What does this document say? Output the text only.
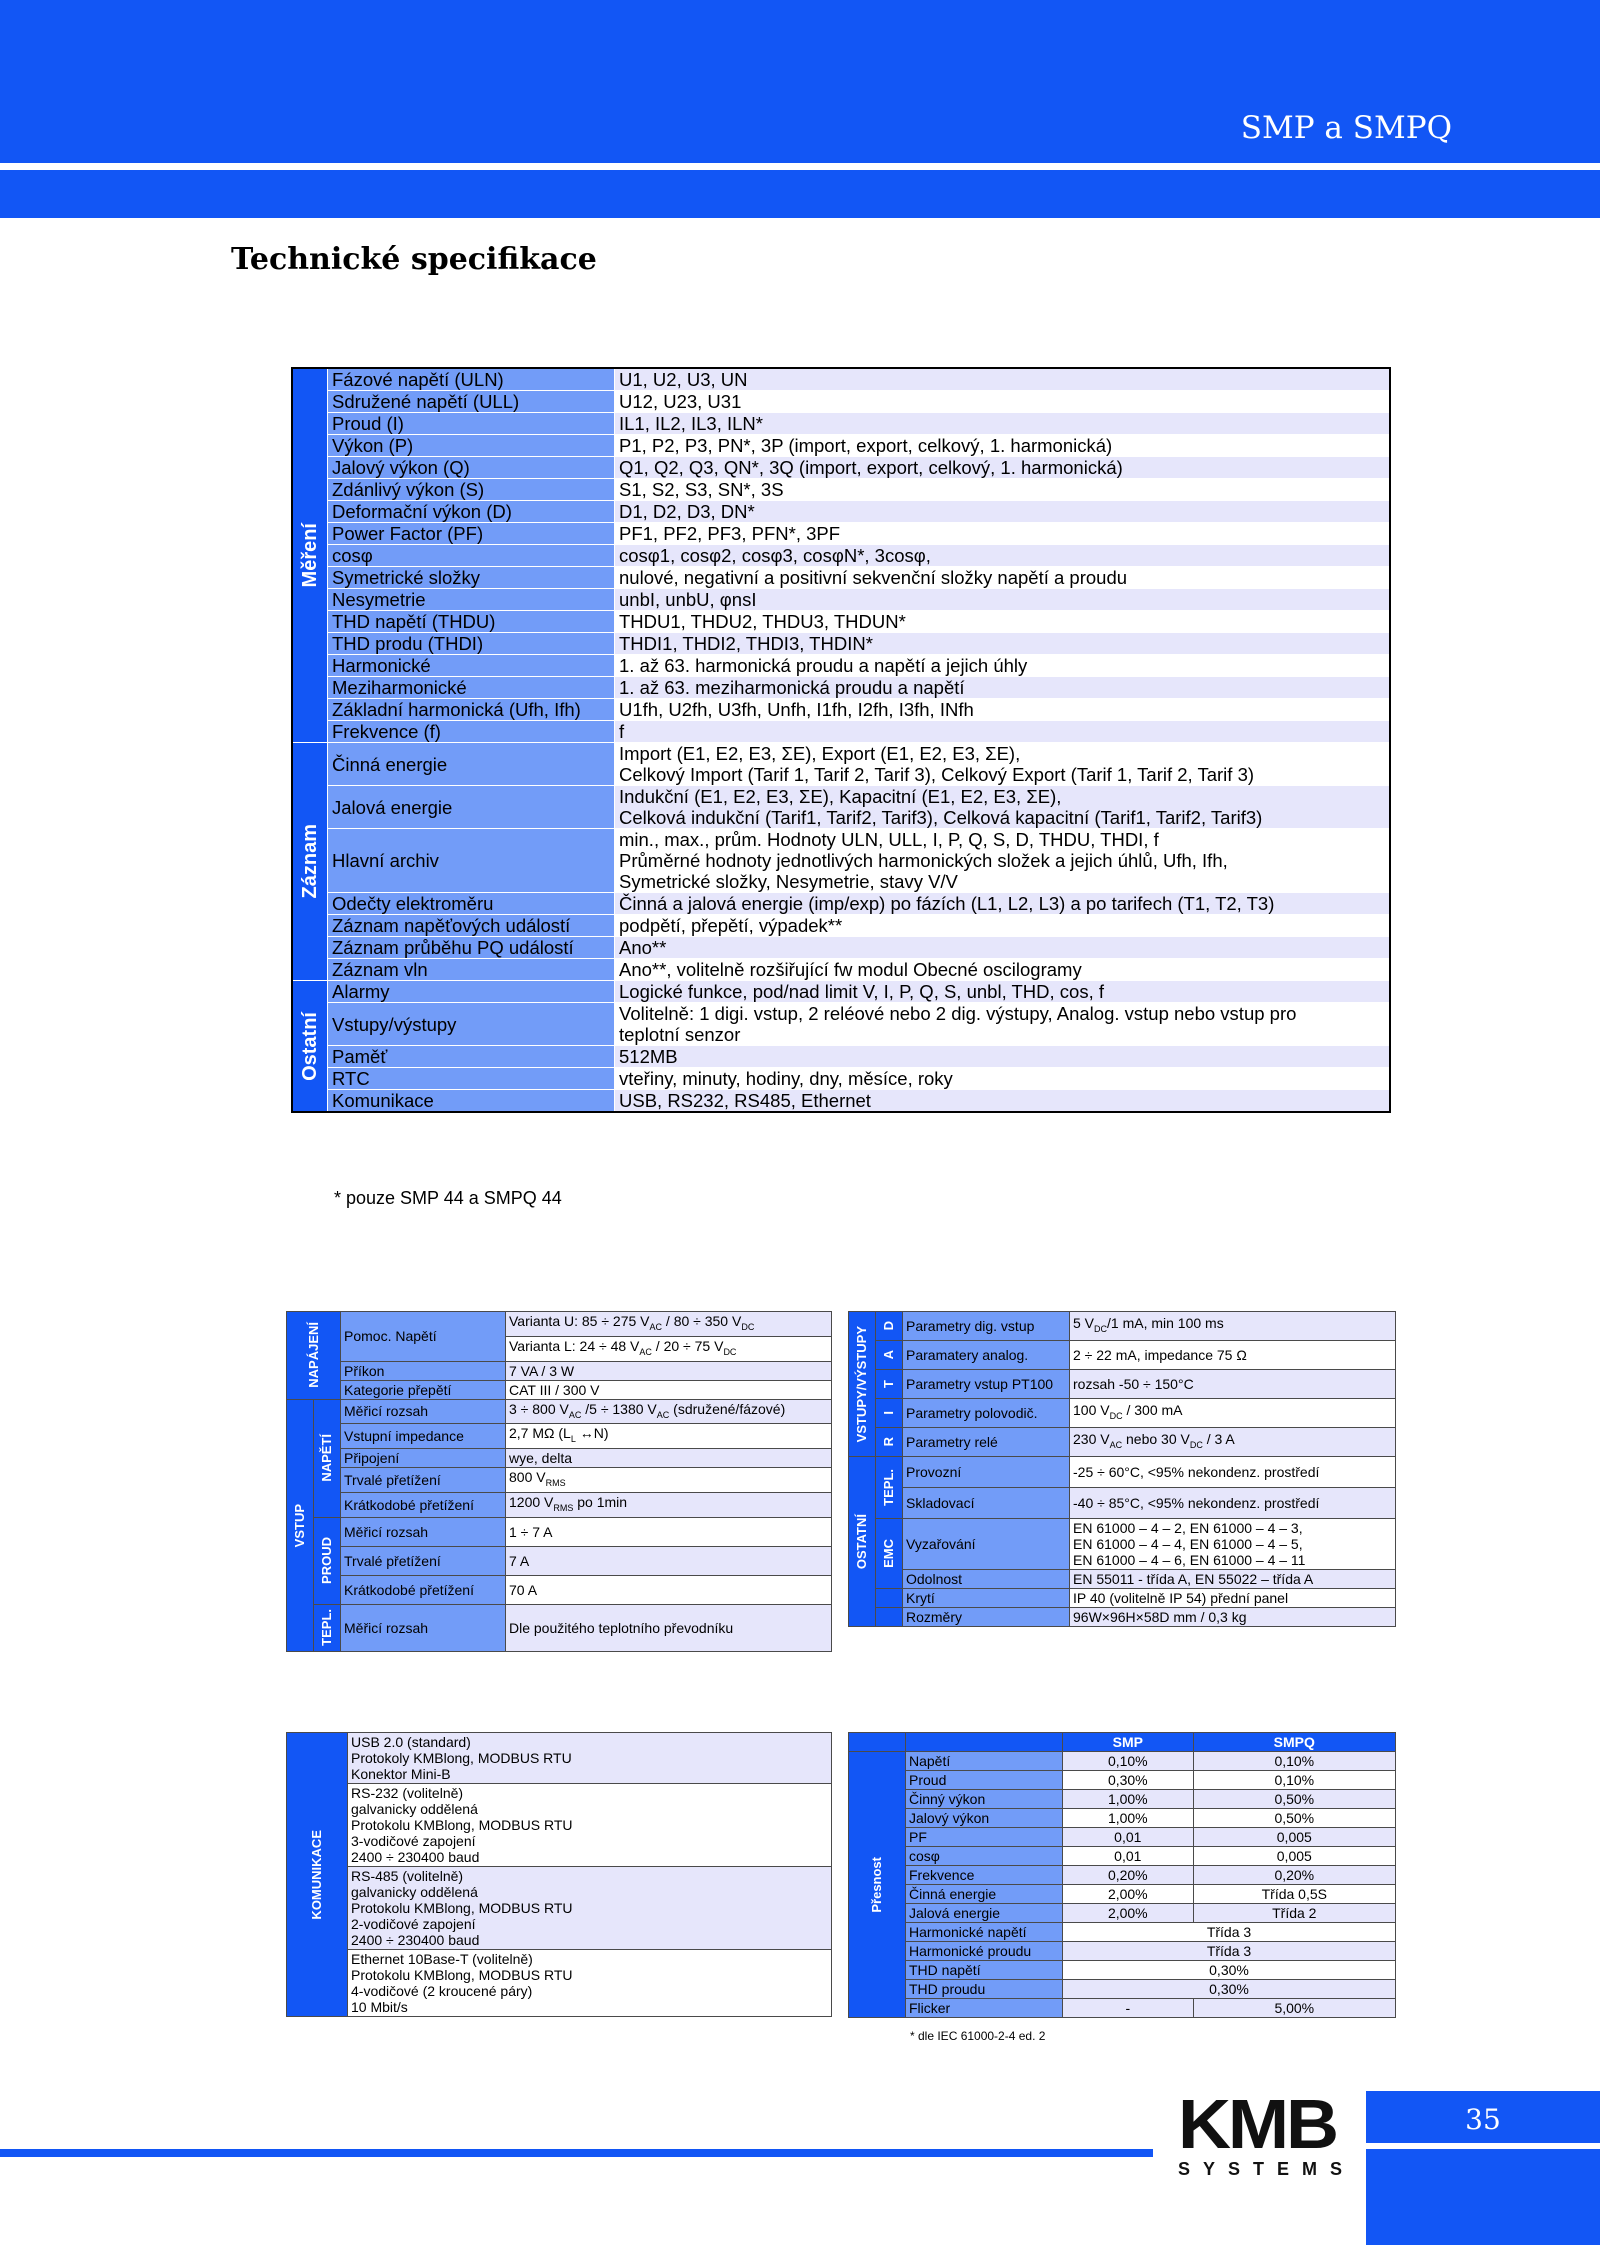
SMP a SMPQ
Technické specifikace
Měření	Fázové napětí (ULN)	U1, U2, U3, UN
	Sdružené napětí (ULL)	U12, U23, U31
	Proud (I)	IL1, IL2, IL3, ILN*
	Výkon (P)	P1, P2, P3, PN*, 3P (import, export, celkový, 1. harmonická)
	Jalový výkon (Q)	Q1, Q2, Q3, QN*, 3Q (import, export, celkový, 1. harmonická)
	Zdánlivý výkon (S)	S1, S2, S3, SN*, 3S
	Deformační výkon (D)	D1, D2, D3, DN*
	Power Factor (PF)	PF1, PF2, PF3, PFN*, 3PF
	cosφ	cosφ1, cosφ2, cosφ3, cosφN*, 3cosφ,
	Symetrické složky	nulové, negativní a positivní sekvenční složky napětí a proudu
	Nesymetrie	unbI, unbU, φnsI
	THD napětí (THDU)	THDU1, THDU2, THDU3, THDUN*
	THD produ (THDI)	THDI1, THDI2, THDI3, THDIN*
	Harmonické	1. až 63. harmonická proudu a napětí a jejich úhly
	Meziharmonické	1. až 63. meziharmonická proudu a napětí
	Základní harmonická (Ufh, Ifh)	U1fh, U2fh, U3fh, Unfh, I1fh, I2fh, I3fh, INfh
	Frekvence (f)	f

Záznam	Činná energie	Import (E1, E2, E3, ΣE), Export (E1, E2, E3, ΣE),
Celkový Import (Tarif 1, Tarif 2, Tarif 3), Celkový Export (Tarif 1, Tarif 2, Tarif 3)

	Jalová energie	Indukční (E1, E2, E3, ΣE), Kapacitní (E1, E2, E3, ΣE),
Celková indukční (Tarif1, Tarif2, Tarif3), Celková kapacitní (Tarif1, Tarif2, Tarif3)

	Hlavní archiv	min., max., prům. Hodnoty ULN, ULL, I, P, Q, S, D, THDU, THDI, f
Průměrné hodnoty jednotlivých harmonických složek a jejich úhlů, Ufh, Ifh,
Symetrické složky, Nesymetrie, stavy V/V

	Odečty elektroměru	Činná a jalová energie (imp/exp) po fázích (L1, L2, L3) a po tarifech (T1, T2, T3)
	Záznam napěťových událostí	podpětí, přepětí, výpadek**
	Záznam průběhu PQ událostí	Ano**
	Záznam vln	Ano**, volitelně rozšiřující fw modul Obecné oscilogramy

Ostatní	Alarmy	Logické funkce, pod/nad limit V, I, P, Q, S, unbl, THD, cos, f
	Vstupy/výstupy	Volitelně: 1 digi. vstup, 2 reléové nebo 2 dig. výstupy, Analog. vstup nebo vstup pro
teplotní senzor

	Paměť	512MB
	RTC	vteřiny, minuty, hodiny, dny, měsíce, roky
	Komunikace	USB, RS232, RS485, Ethernet
* pouze SMP 44 a SMPQ 44
NAPÁJENÍ		Pomoc. Napětí	Varianta U: 85 ÷ 275 $V_{AC} / 80 \div 350$ $V_{DC}$
			Varianta L: 24 ÷ 48 $V_{AC} / 20 \div 75$ $V_{DC}$
		Příkon	7 VA / 3 W
		Kategorie přepětí	CAT III / 300 V

VSTUP	NAPĚTÍ	Měřicí rozsah	3 ÷ 800 $V_{AC}$ /5 ÷ 1380 $V_{AC}$ (sdružené/fázové)
		Vstupní impedance	2,7 MΩ ($L_L$ ↔N)
		Připojení	wye, delta
		Trvalé přetížení	800 $V_{RMS}$
		Krátkodobé přetížení	1200 $V_{RMS}$ po 1min

	PROUD	Měřicí rozsah	1 ÷ 7 A
		Trvalé přetížení	7 A
		Krátkodobé přetížení	70 A

	TEPL.	Měřicí rozsah	Dle použitého teplotního převodníku
VSTUPY/VÝSTUPY	D	Parametry dig. vstup	5 $V_{DC}/1$ mA, min 100 ms

	A	Paramatery analog.	2 ÷ 22 mA, impedance 75 Ω

	T	Parametry vstup PT100	rozsah -50 ÷ 150°C

	I	Parametry polovodič.	100 $V_{DC} / 300$ mA

	R	Parametry relé	230 $V_{AC}$ nebo 30 $V_{DC} / 3$ A

OSTATNÍ	TEPL.	Provozní	-25 ÷ 60°C, <95% nekondenz. prostředí
		Skladovací	-40 ÷ 85°C, <95% nekondenz. prostředí

	EMC	Vyzařování	EN 61000 – 4 – 2, EN 61000 – 4 – 3,
EN 61000 – 4 – 4, EN 61000 – 4 – 5,
EN 61000 – 4 – 6, EN 61000 – 4 – 11

		Odolnost	EN 55011 - třída A, EN 55022 – třída A
		Krytí	IP 40 (volitelně IP 54) přední panel
		Rozměry	96W×96H×58D mm / 0,3 kg
KOMUNIKACE

USB 2.0 (standard)
Protokoly KMBlong, MODBUS RTU
Konektor Mini-B

RS-232 (volitelně)
galvanicky oddělená
Protokolu KMBlong, MODBUS RTU
3-vodičové zapojení
2400 ÷ 230400 baud

RS-485 (volitelně)
galvanicky oddělená
Protokolu KMBlong, MODBUS RTU
2-vodičové zapojení
2400 ÷ 230400 baud

Ethernet 10Base-T (volitelně)
Protokolu KMBlong, MODBUS RTU
4-vodičové (2 kroucené páry)
10 Mbit/s
		SMP	SMPQ

Přesnost	Napětí	0,10%	0,10%
	Proud	0,30%	0,10%
	Činný výkon	1,00%	0,50%
	Jalový výkon	1,00%	0,50%
	PF	0,01	0,005
	cosφ	0,01	0,005
	Frekvence	0,20%	0,20%
	Činná energie	2,00%	Třída 0,5S
	Jalová energie	2,00%	Třída 2
	Harmonické napětí	Třída 3	
	Harmonické proudu	Třída 3	
	THD napětí	0,30%	
	THD proudu	0,30%	
	Flicker	-	5,00%
* dle IEC 61000-2-4 ed. 2
35
KMB
SYSTEMS
